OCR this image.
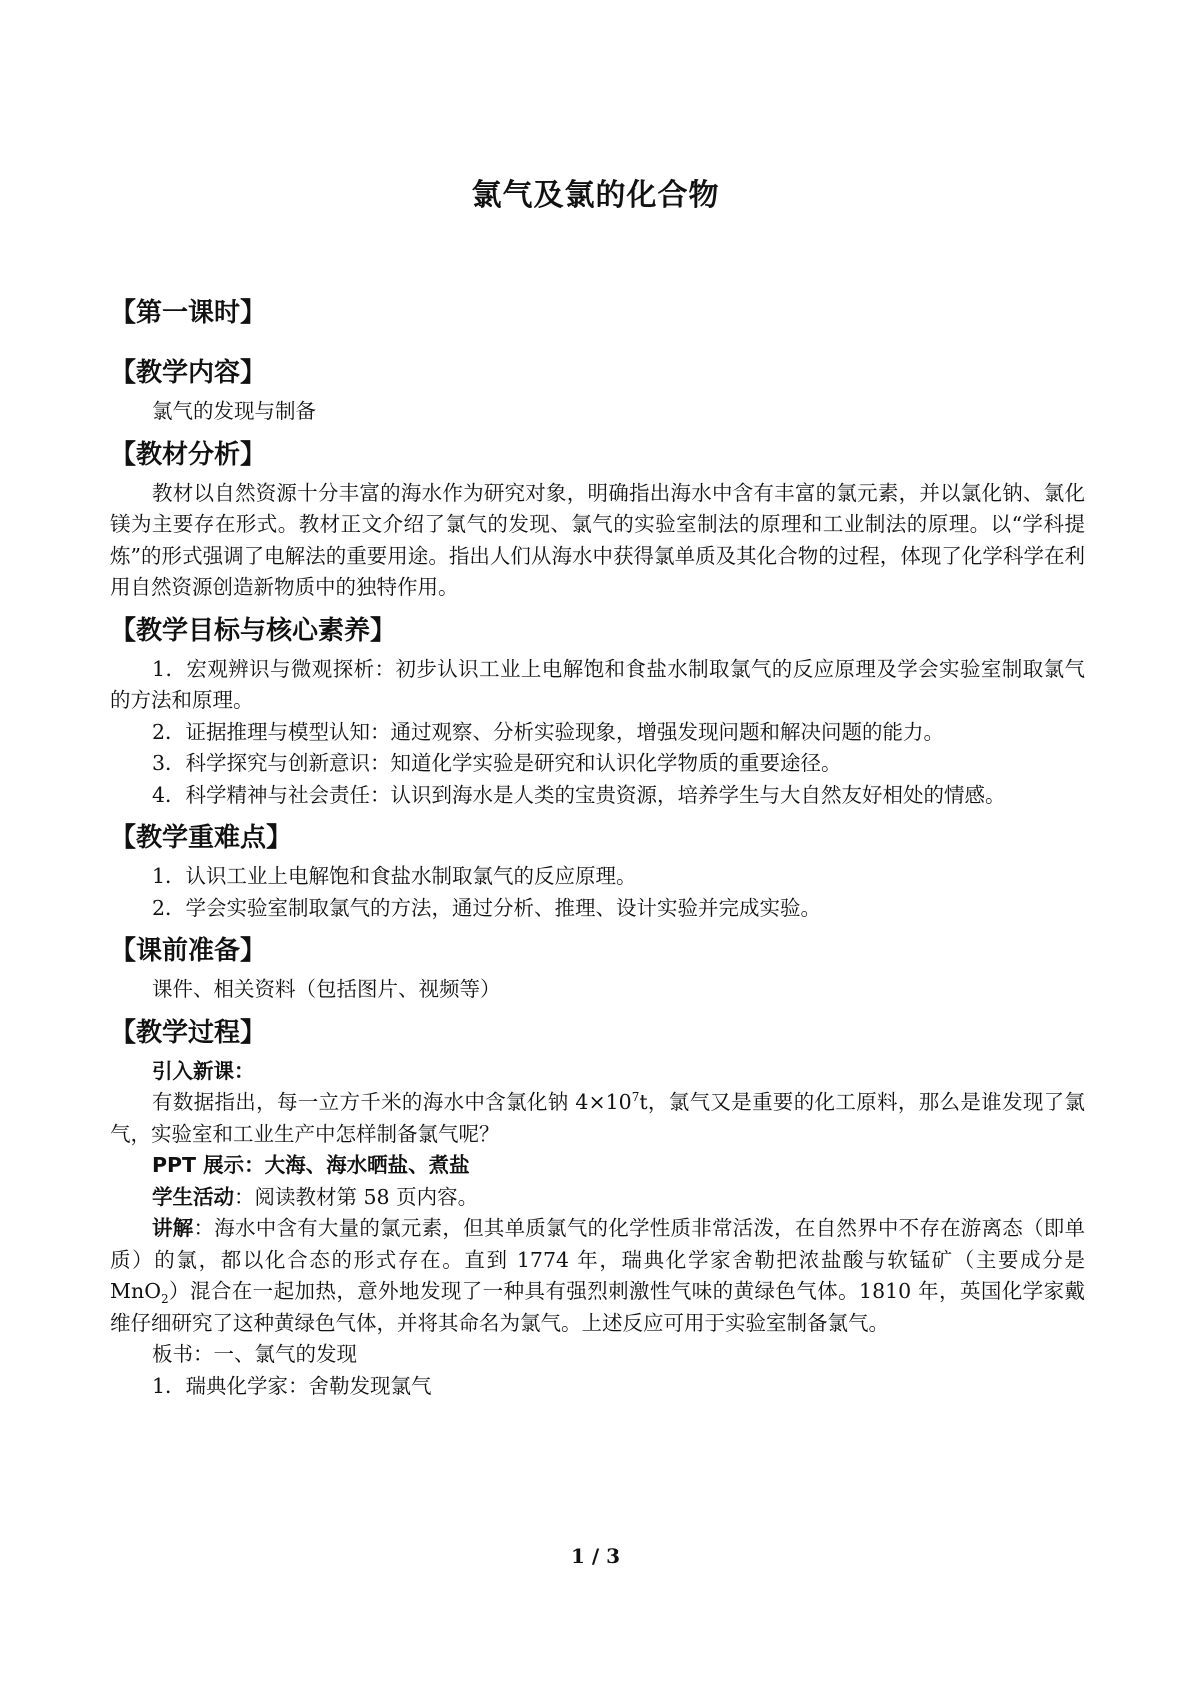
氯气及氯的化合物
【第一课时】
【教学内容】

氯气的发现与制备

【教材分析】

教材以自然资源十分丰富的海水作为研究对象，明确指出海水中含有丰富的氯元素，并以氯化钠、氯化镁为主要存在形式。教材正文介绍了氯气的发现、氯气的实验室制法的原理和工业制法的原理。以“学科提炼”的形式强调了电解法的重要用途。指出人们从海水中获得氯单质及其化合物的过程，体现了化学科学在利用自然资源创造新物质中的独特作用。

【教学目标与核心素养】

1．宏观辨识与微观探析：初步认识工业上电解饱和食盐水制取氯气的反应原理及学会实验室制取氯气的方法和原理。

2．证据推理与模型认知：通过观察、分析实验现象，增强发现问题和解决问题的能力。

3．科学探究与创新意识：知道化学实验是研究和认识化学物质的重要途径。

4．科学精神与社会责任：认识到海水是人类的宝贵资源，培养学生与大自然友好相处的情感。

【教学重难点】

1．认识工业上电解饱和食盐水制取氯气的反应原理。

2．学会实验室制取氯气的方法，通过分析、推理、设计实验并完成实验。

【课前准备】

课件、相关资料（包括图片、视频等）

【教学过程】

引入新课：

有数据指出，每一立方千米的海水中含氯化钠 $4\times 10^7t$，氯气又是重要的化工原料，那么是谁发现了氯气，实验室和工业生产中怎样制备氯气呢？

PPT 展示：大海、海水晒盐、煮盐

学生活动：阅读教材第 58 页内容。

讲解：海水中含有大量的氯元素，但其单质氯气的化学性质非常活泼，在自然界中不存在游离态（即单质）的氯，都以化合态的形式存在。直到 1774 年，瑞典化学家舍勒把浓盐酸与软锰矿（主要成分是 MnO$_2$）混合在一起加热，意外地发现了一种具有强烈刺激性气味的黄绿色气体。1810 年，英国化学家戴维仔细研究了这种黄绿色气体，并将其命名为氯气。上述反应可用于实验室制备氯气。

板书：一、氯气的发现

1．瑞典化学家：舍勒发现氯气

1 / 3
